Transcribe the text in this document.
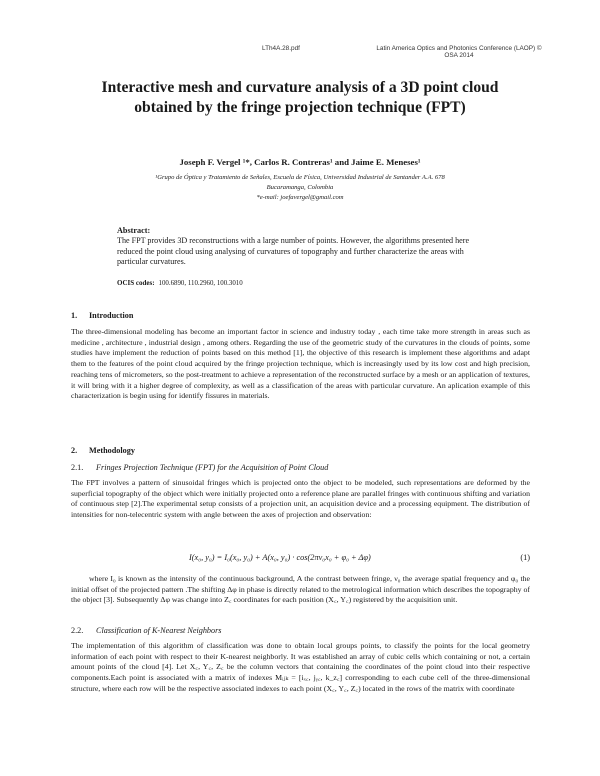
LTh4A.28.pdf	Latin America Optics and Photonics Conference (LAOP) ©
OSA 2014
Interactive mesh and curvature analysis of a 3D point cloud obtained by the fringe projection technique (FPT)
Joseph F. Vergel ¹*, Carlos R. Contreras¹ and Jaime E. Meneses¹
¹Grupo de Óptica y Tratamiento de Señales, Escuela de Física, Universidad Industrial de Santander A.A. 678
Bucaramanga, Colombia
*e-mail: joefavergel@gmail.com
Abstract:
The FPT provides 3D reconstructions with a large number of points. However, the algorithms presented here reduced the point cloud using analysing of curvatures of topography and further characterize the areas with particular curvatures.
OCIS codes: 100.6890, 110.2960, 100.3010
1. Introduction
The three-dimensional modeling has become an important factor in science and industry today , each time take more strength in areas such as medicine , architecture , industrial design , among others. Regarding the use of the geometric study of the curvatures in the clouds of points, some studies have implement the reduction of points based on this method [1], the objective of this research is implement these algorithms and adapt them to the features of the point cloud acquired by the fringe projection technique, which is increasingly used by its low cost and high precision, reaching tens of micrometers, so the post-treatment to achieve a representation of the reconstructed surface by a mesh or an application of textures, it will bring with it a higher degree of complexity, as well as a classification of the areas with particular curvature. An aplication example of this characterization is begin using for identify fissures in materials.
2. Methodology
2.1. Fringes Projection Technique (FPT) for the Acquisition of Point Cloud
The FPT involves a pattern of sinusoidal fringes which is projected onto the object to be modeled, such representations are deformed by the superficial topography of the object which were initially projected onto a reference plane are parallel fringes with continuous shifting and variation of continuous step [2].The experimental setup consists of a projection unit, an acquisition device and a processing equipment. The distribution of intensities for non-telecentric system with angle between the axes of projection and observation:
I(x₀, y₀) = I₀(x₀, y₀) + A(x₀, y₀) · cos(2πν₀x₀ + φ₀ + Δφ)	(1)
where I₀ is known as the intensity of the continuous background, A the contrast between fringe, ν₀ the average spatial frequency and φ₀ the initial offset of the projected pattern .The shifting Δφ in phase is directly related to the metrological information which describes the topography of the object [3]. Subsequently Δφ was change into Z꜀ coordinates for each position (X꜀, Y꜀) registered by the acquisition unit.
2.2. Classification of K-Nearest Neighbors
The implementation of this algorithm of classification was done to obtain local groups points, to classify the points for the local geometry information of each point with respect to their K-nearest neighborly. It was established an array of cubic cells which containing or not, a certain amount points of the cloud [4]. Let X꜀, Y꜀, Z꜀ be the column vectors that containing the coordinates of the point cloud into their respective components.Each point is associated with a matrix of indexes Mᵢⱼₖ = [iₓ꜀, jᵧ꜀, k_z꜀] corresponding to each cube cell of the three-dimensional structure, where each row will be the respective associated indexes to each point (X꜀, Y꜀, Z꜀) located in the rows of the matrix with coordinate
